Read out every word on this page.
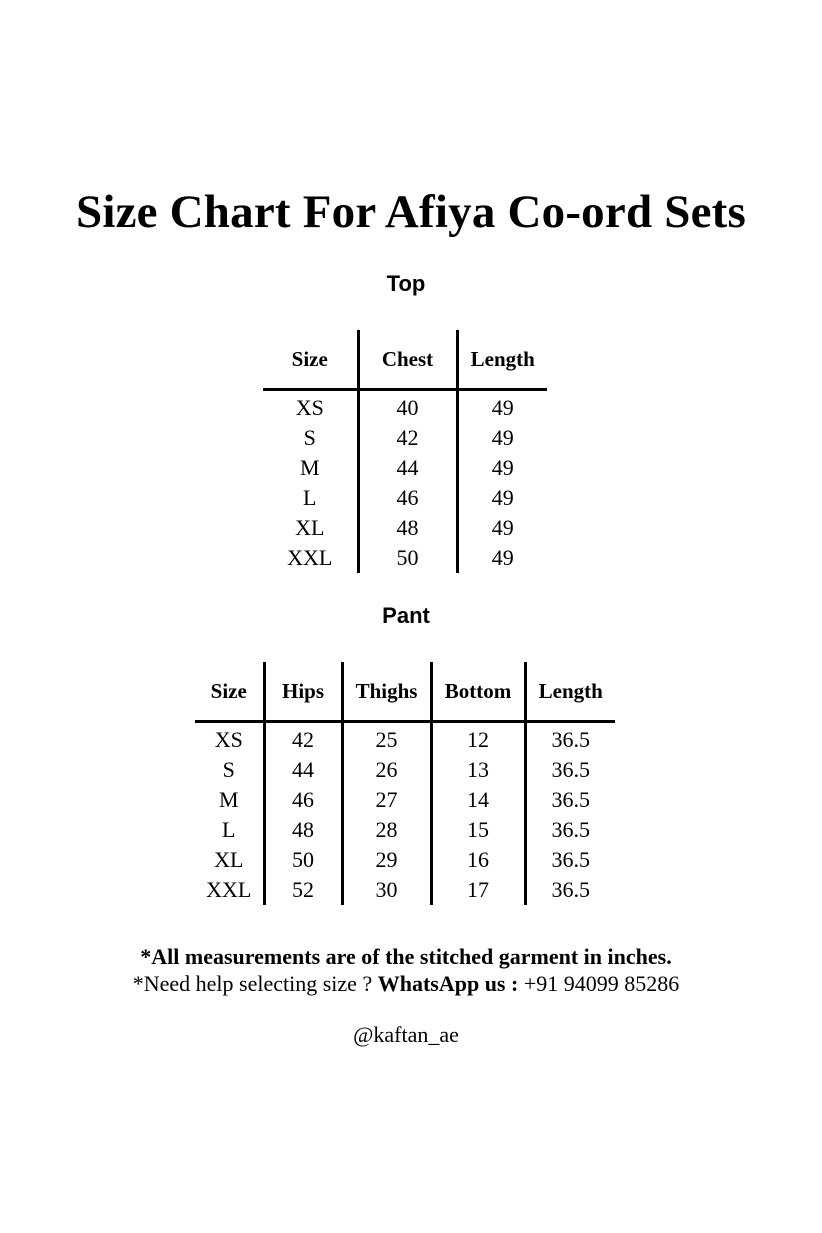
Size Chart For Afiya Co-ord Sets
Top
Size	Chest	Length
XS	40	49
S	42	49
M	44	49
L	46	49
XL	48	49
XXL	50	49
Pant
Size	Hips	Thighs	Bottom	Length
XS	42	25	12	36.5
S	44	26	13	36.5
M	46	27	14	36.5
L	48	28	15	36.5
XL	50	29	16	36.5
XXL	52	30	17	36.5

*All measurements are of the stitched garment in inches.

*Need help selecting size ? WhatsApp us : +91 94099 85286

@kaftan_ae
